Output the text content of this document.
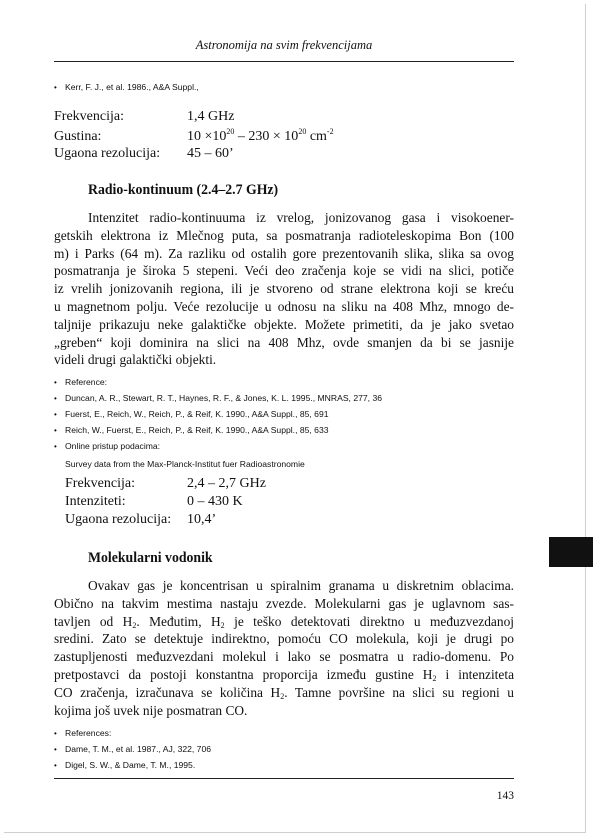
Astronomija na svim frekvencijama
• Kerr, F. J., et al. 1986., A&A Suppl.,
Frekvencija:	1,4 GHz
Gustina:	$10 \times 10^{20} - 230 \times 10^{20}$ $cm^{-2}$
Ugaona rezolucija: 45 – 60’
Radio-kontinuum (2.4–2.7 GHz)
Intenzitet radio-kontinuuma iz vrelog, jonizovanog gasa i visokoener-
getskih elektrona iz Mlečnog puta, sa posmatranja radioteleskopima Bon (100
m) i Parks (64 m). Za razliku od ostalih gore prezentovanih slika, slika sa ovog
posmatranja je široka 5 stepeni. Veći deo zračenja koje se vidi na slici, potiče
iz vrelih jonizovanih regiona, ili je stvoreno od strane elektrona koji se kreću
u magnetnom polju. Veće rezolucije u odnosu na sliku na 408 Mhz, mnogo de-
taljnije prikazuju neke galaktičke objekte. Možete primetiti, da je jako svetao
„greben“ koji dominira na slici na 408 Mhz, ovde smanjen da bi se jasnije
videli drugi galaktički objekti.
• Reference:
• Duncan, A. R., Stewart, R. T., Haynes, R. F., & Jones, K. L. 1995., MNRAS, 277, 36
• Fuerst, E., Reich, W., Reich, P., & Reif, K. 1990., A&A Suppl., 85, 691
• Reich, W., Fuerst, E., Reich, P., & Reif, K. 1990., A&A Suppl., 85, 633
• Online pristup podacima:
Survey data from the Max-Planck-Institut fuer Radioastronomie
Frekvencija:	2,4 – 2,7 GHz
Intenziteti:	0 – 430 K
Ugaona rezolucija: 10,4’
Molekularni vodonik
Ovakav gas je koncentrisan u spiralnim granama u diskretnim oblacima.
Obično na takvim mestima nastaju zvezde. Molekularni gas je uglavnom sas-
tavljen od $H_2$. Međutim, $H_2$ je teško detektovati direktno u međuzvezdanoj
sredini. Zato se detektuje indirektno, pomoću CO molekula, koji je drugi po
zastupljenosti međuzvezdani molekul i lako se posmatra u radio-domenu. Po
pretpostavci da postoji konstantna proporcija između gustine $H_2$ i intenziteta
CO zračenja, izračunava se količina $H_2$. Tamne površine na slici su regioni u
kojima još uvek nije posmatran CO.
• References:
• Dame, T. M., et al. 1987., AJ, 322, 706
• Digel, S. W., & Dame, T. M., 1995.
143
